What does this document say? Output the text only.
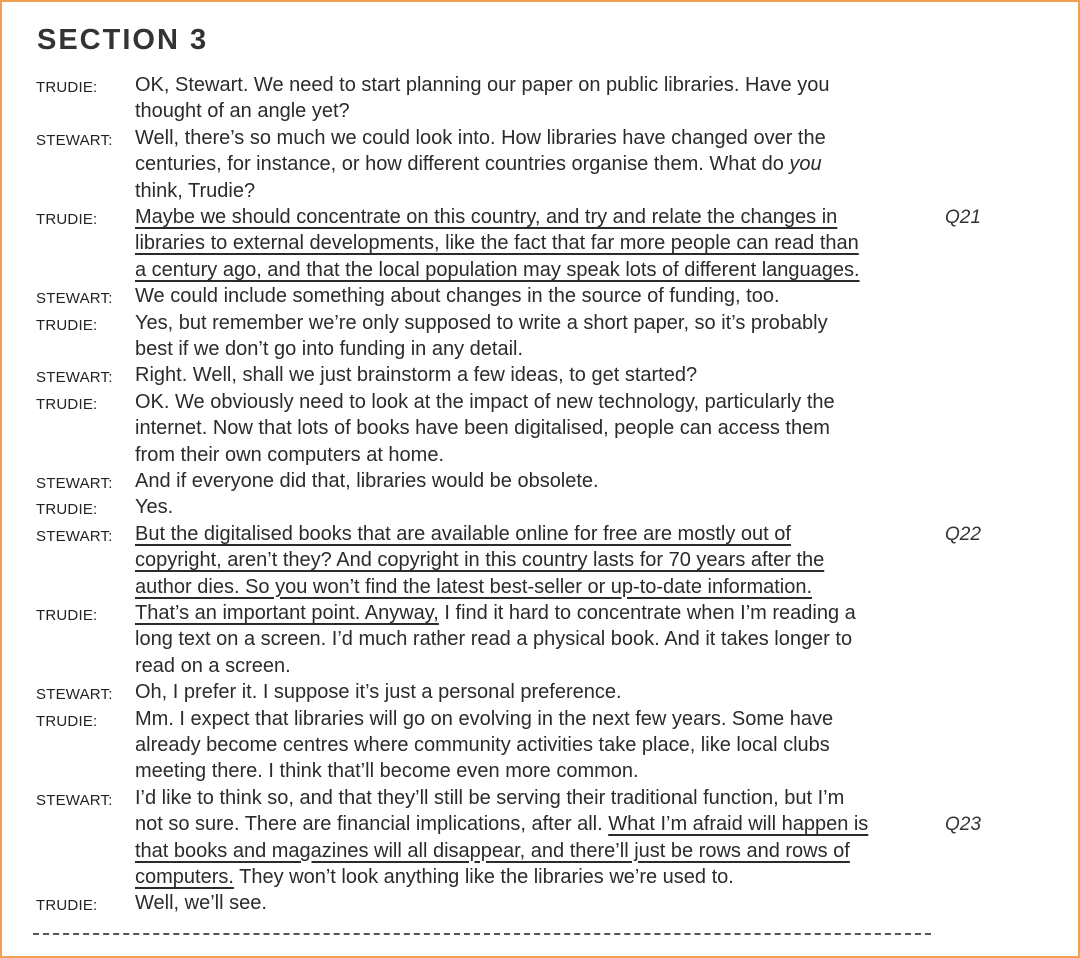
SECTION 3
TRUDIE: OK, Stewart. We need to start planning our paper on public libraries. Have you
thought of an angle yet?
STEWART: Well, there’s so much we could look into. How libraries have changed over the
centuries, for instance, or how different countries organise them. What do you
think, Trudie?
TRUDIE:	Q21
Maybe we should concentrate on this country, and try and relate the changes in
libraries to external developments, like the fact that far more people can read than
a century ago, and that the local population may speak lots of different languages.
STEWART: We could include something about changes in the source of funding, too.
TRUDIE: Yes, but remember we’re only supposed to write a short paper, so it’s probably
best if we don’t go into funding in any detail.
STEWART: Right. Well, shall we just brainstorm a few ideas, to get started?
TRUDIE: OK. We obviously need to look at the impact of new technology, particularly the
internet. Now that lots of books have been digitalised, people can access them
from their own computers at home.
STEWART: And if everyone did that, libraries would be obsolete.
TRUDIE: Yes.
STEWART:	Q22
But the digitalised books that are available online for free are mostly out of
copyright, aren’t they? And copyright in this country lasts for 70 years after the
author dies. So you won’t find the latest best-seller or up-to-date information.
TRUDIE: That’s an important point. Anyway, I find it hard to concentrate when I’m reading a
long text on a screen. I’d much rather read a physical book. And it takes longer to
read on a screen.
STEWART: Oh, I prefer it. I suppose it’s just a personal preference.
TRUDIE: Mm. I expect that libraries will go on evolving in the next few years. Some have
already become centres where community activities take place, like local clubs
meeting there. I think that’ll become even more common.
STEWART:
Q23
I’d like to think so, and that they’ll still be serving their traditional function, but I’m
not so sure. There are financial implications, after all. What I’m afraid will happen is
that books and magazines will all disappear, and there’ll just be rows and rows of
computers. They won’t look anything like the libraries we’re used to.
TRUDIE: Well, we’ll see.
